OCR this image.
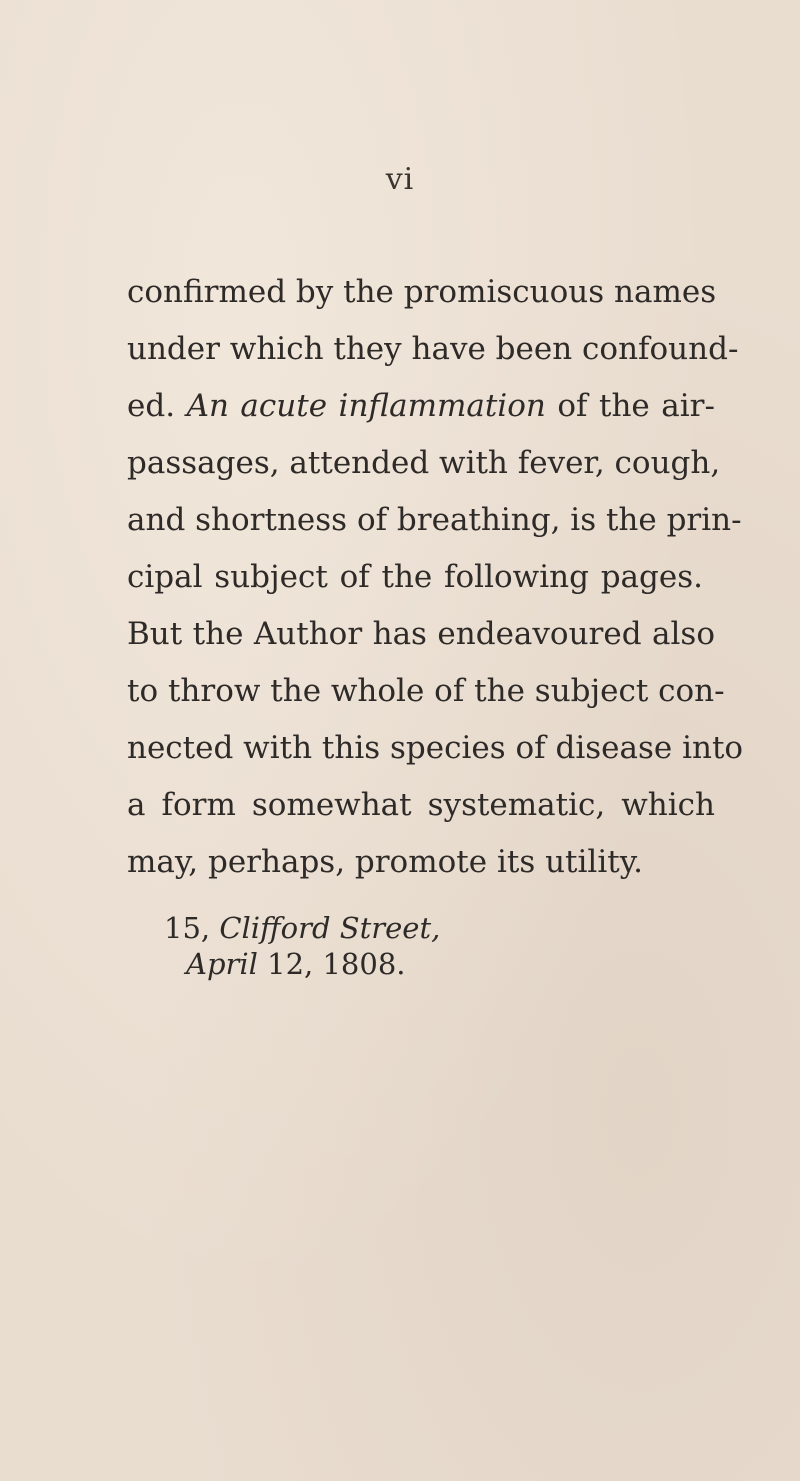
vi
confirmed by the promiscuous names
under which they have been confound-
ed. An acute inflammation of the air-
passages, attended with fever, cough,
and shortness of breathing, is the prin-
cipal subject of the following pages.
But the Author has endeavoured also
to throw the whole of the subject con-
nected with this species of disease into
a form somewhat systematic, which
may, perhaps, promote its utility.
15, Clifford Street,
April 12, 1808.
